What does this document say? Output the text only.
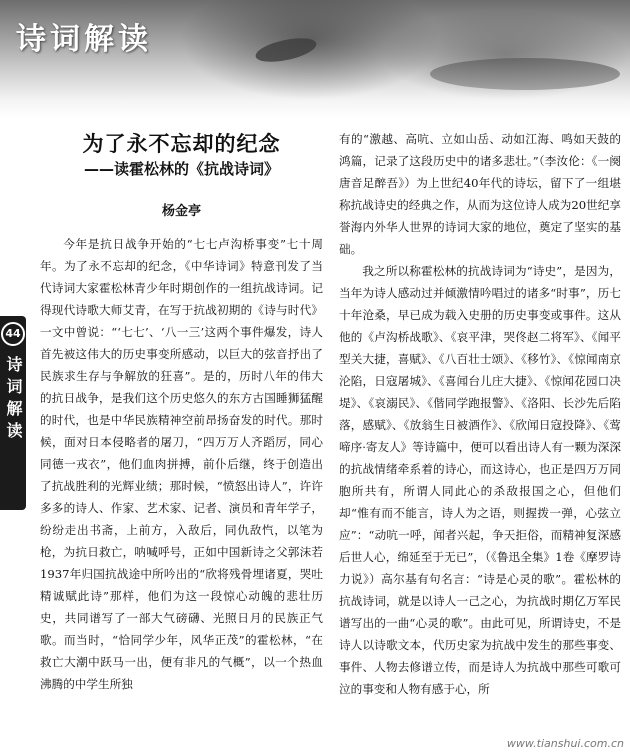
诗词解读
44
诗词解读
为了永不忘却的纪念
——读霍松林的《抗战诗词》
杨金亭

今年是抗日战争开始的“七七卢沟桥事变”七十周年。为了永不忘却的纪念，《中华诗词》特意刊发了当代诗词大家霍松林青少年时期创作的一组抗战诗词。记得现代诗歌大师艾青，在写于抗战初期的《诗与时代》一文中曾说：“‘七七’、‘八一三’这两个事件爆发，诗人首先被这伟大的历史事变所感动，以巨大的弦音抒出了民族求生存与争解放的狂喜”。是的，历时八年的伟大的抗日战争，是我们这个历史悠久的东方古国睡狮猛醒的时代，也是中华民族精神空前昂扬奋发的时代。那时候，面对日本侵略者的屠刀，“四万万人齐蹈厉，同心同德一戎衣”，他们血肉拼搏，前仆后继，终于创造出了抗战胜利的光辉业绩；那时候，“愤怒出诗人”，许许多多的诗人、作家、艺术家、记者、演员和青年学子，纷纷走出书斋，上前方，入敌后，同仇敌忾，以笔为枪，为抗日救亡，呐喊呼号，正如中国新诗之父郭沫若1937年归国抗战途中所吟出的“欣将残骨埋诸夏，哭吐精诚赋此诗”那样，他们为这一段惊心动魄的悲壮历史，共同谱写了一部大气磅礴、光照日月的民族正气歌。而当时，“恰同学少年，风华正茂”的霍松林，“在救亡大潮中跃马一出，便有非凡的气概”，以一个热血沸腾的中学生所独

有的“激越、高吭、立如山岳、动如江海、鸣如天鼓的鸿篇，记录了这段历史中的诸多悲壮。”（李汝伦：《一阕唐音足醉吾》）为上世纪40年代的诗坛，留下了一组堪称抗战诗史的经典之作，从而为这位诗人成为20世纪享誉海内外华人世界的诗词大家的地位，奠定了坚实的基础。

我之所以称霍松林的抗战诗词为“诗史”，是因为，当年为诗人感动过并倾激情吟唱过的诸多“时事”，历七十年沧桑，早已成为载入史册的历史事变或事件。这从他的《卢沟桥战歌》、《哀平津，哭佟赵二将军》、《闻平型关大捷，喜赋》、《八百壮士颂》、《移竹》、《惊闻南京沦陷，日寇屠城》、《喜闻台儿庄大捷》、《惊闻花园口决堤》、《哀溺民》、《偕同学跑报警》、《洛阳、长沙先后陷落，感赋》、《放翁生日被酒作》、《欣闻日寇投降》、《莺啼序·寄友人》等诗篇中，便可以看出诗人有一颗为深深的抗战情绪牵系着的诗心，而这诗心，也正是四万万同胞所共有，所谓人同此心的杀敌报国之心，但他们却“惟有而不能言，诗人为之语，则握拨一弹，心弦立应”：“动吭一呼，闻者兴起，争天拒俗，而精神复深感后世人心，绵延至于无已”，（《鲁迅全集》1卷《摩罗诗力说》）高尔基有句名言：“诗是心灵的歌”。霍松林的抗战诗词，就是以诗人一己之心，为抗战时期亿万军民谱写出的一曲“心灵的歌”。由此可见，所谓诗史，不是诗人以诗歌文本，代历史家为抗战中发生的那些事变、事件、人物去修谱立传，而是诗人为抗战中那些可歌可泣的事变和人物有感于心，所

www.tianshui.com.cn
